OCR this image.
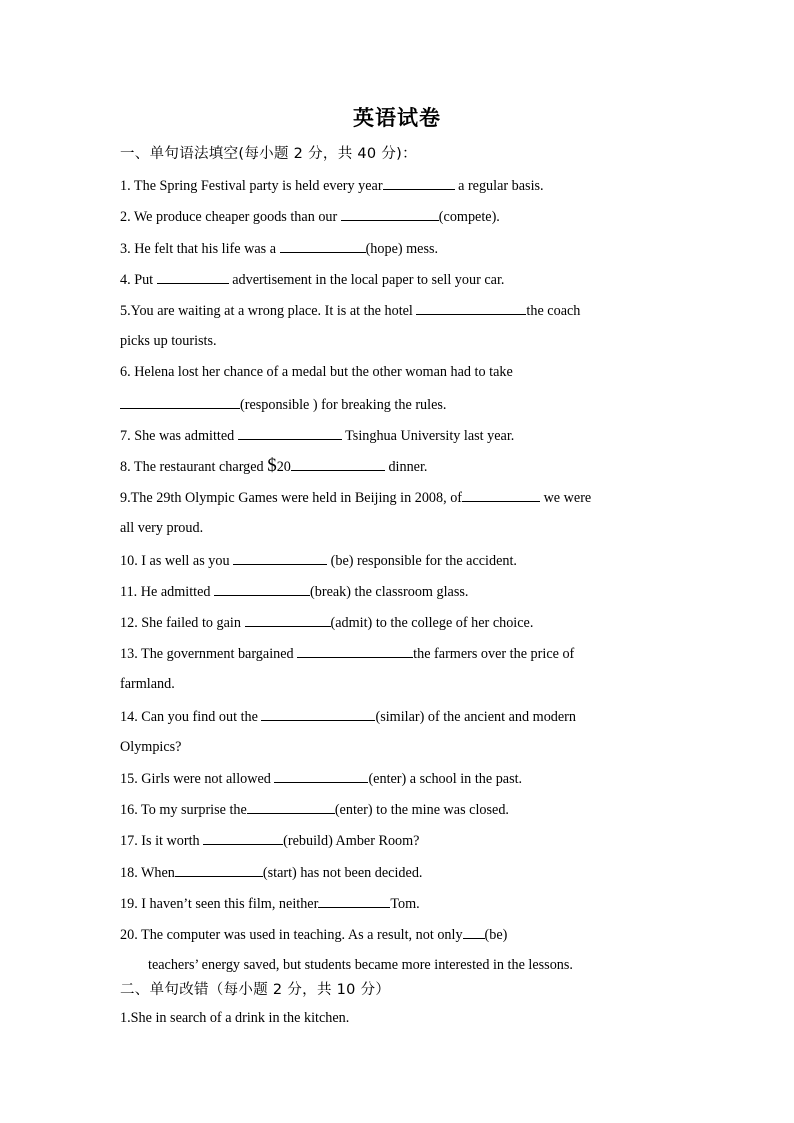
英语试卷
一、单句语法填空(每小题 2 分，共 40 分)：
1. The Spring Festival party is held every year	a regular basis.
2. We produce cheaper goods than our	(compete).
3. He felt that his life was a	(hope) mess.
4. Put	advertisement in the local paper to sell your car.
5.You are waiting at a wrong place. It is at the hotel	the coach
picks up tourists.
6. Helena lost her chance of a medal but the other woman had to take
(responsible ) for breaking the rules.
7. She was admitted	Tsinghua University last year.
8. The restaurant charged $20	dinner.
9.The 29th Olympic Games were held in Beijing in 2008, of	we were
all very proud.
10. I as well as you	(be) responsible for the accident.
11. He admitted	(break) the classroom glass.
12. She failed to gain	(admit) to the college of her choice.
13. The government bargained	the farmers over the price of
farmland.
14. Can you find out the	(similar) of the ancient and modern
Olympics?
15. Girls were not allowed	(enter) a school in the past.
16. To my surprise the	(enter) to the mine was closed.
17. Is it worth	(rebuild) Amber Room?
18. When	(start) has not been decided.
19. I haven’t seen this film, neither	Tom.
20. The computer was used in teaching. As a result, not only (be)
teachers’ energy saved, but students became more interested in the lessons.
二、单句改错（每小题 2 分，共 10 分）
1.She in search of a drink in the kitchen.
